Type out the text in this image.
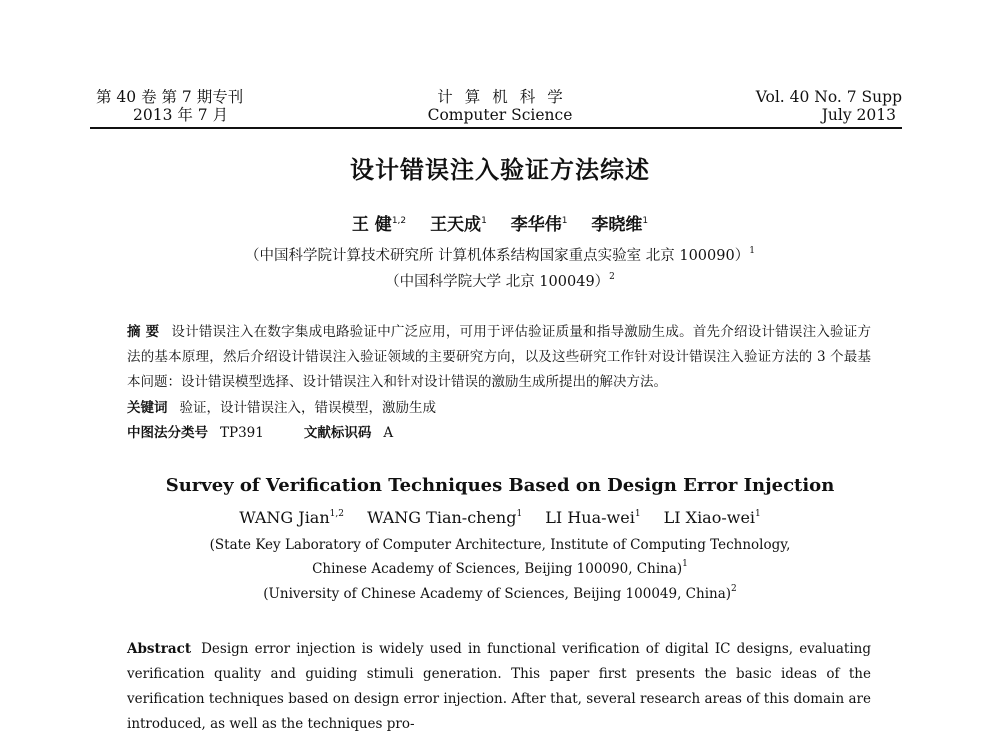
第 40 卷 第 7 期专刊
2013 年 7 月
计算机科学
Computer Science
Vol. 40 No. 7 Supp
July 2013
设计错误注入验证方法综述
王 健$^{1,2}$ 王天成$^1$ 李华伟$^1$ 李晓维$^1$
（中国科学院计算技术研究所 计算机体系结构国家重点实验室 北京 100090）$^1$
（中国科学院大学 北京 100049）$^2$
摘 要 设计错误注入在数字集成电路验证中广泛应用，可用于评估验证质量和指导激励生成。首先介绍设计错误注入验证方法的基本原理，然后介绍设计错误注入验证领域的主要研究方向，以及这些研究工作针对设计错误注入验证方法的 3 个最基本问题：设计错误模型选择、设计错误注入和针对设计错误的激励生成所提出的解决方法。
关键词 验证，设计错误注入，错误模型，激励生成
中图法分类号 TP391	文献标识码 A
Survey of Verification Techniques Based on Design Error Injection
WANG Jian$^{1,2}$ WANG Tian-cheng$^1$ LI Hua-wei$^1$ LI Xiao-wei$^1$
(State Key Laboratory of Computer Architecture, Institute of Computing Technology,
Chinese Academy of Sciences, Beijing 100090, China)$^1$
(University of Chinese Academy of Sciences, Beijing 100049, China)$^2$
Abstract Design error injection is widely used in functional verification of digital IC designs, evaluating verification quality and guiding stimuli generation. This paper first presents the basic ideas of the verification techniques based on design error injection. After that, several research areas of this domain are introduced, as well as the techniques pro-
